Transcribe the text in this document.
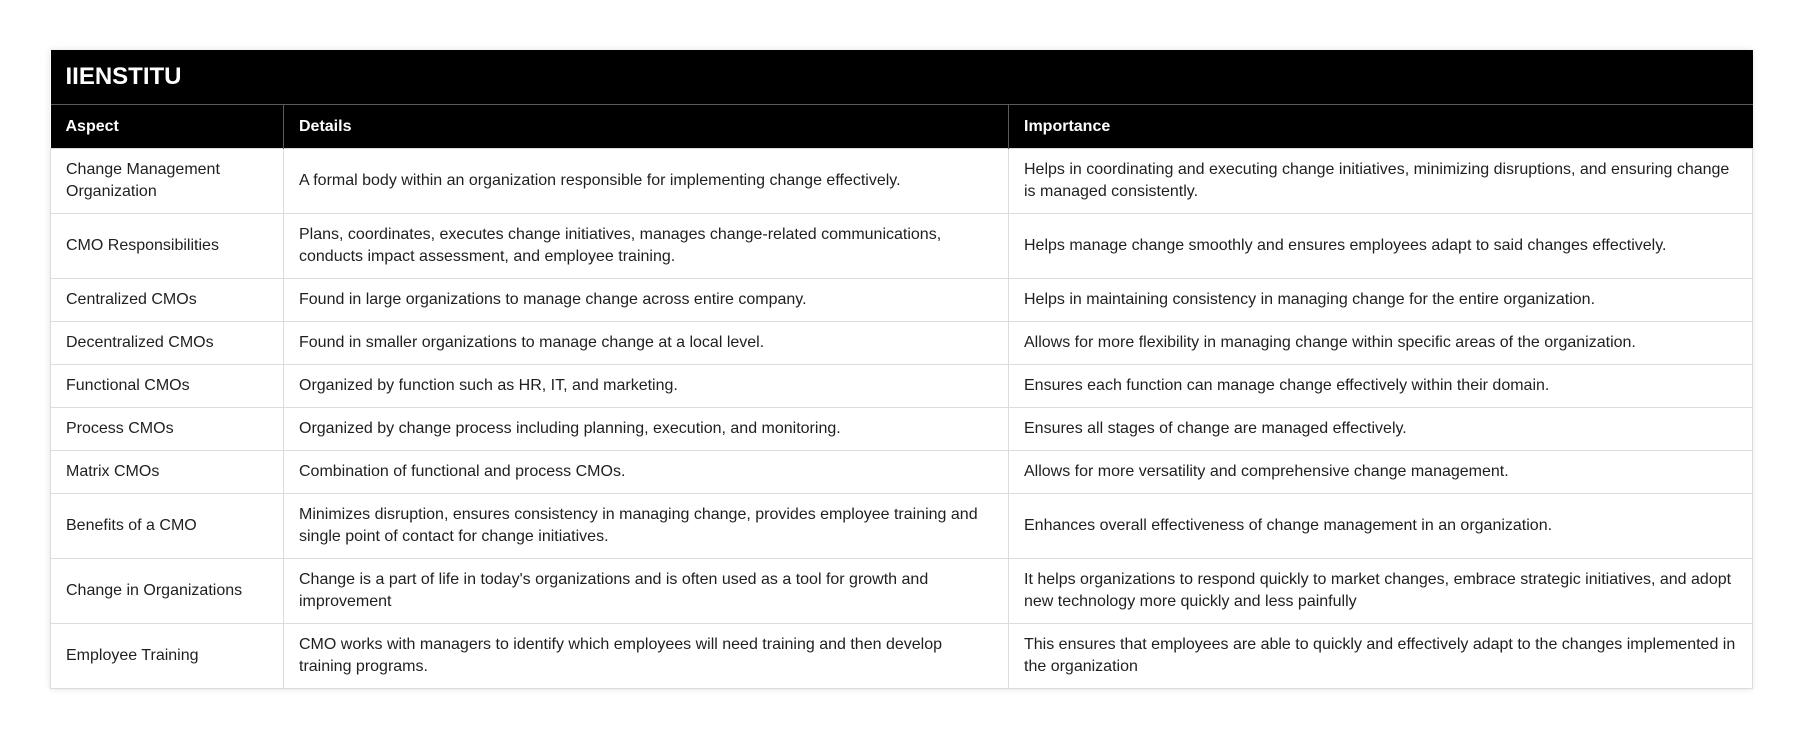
IIENSTITU		
Aspect	Details	Importance
Change Management Organization	A formal body within an organization responsible for implementing change effectively.	Helps in coordinating and executing change initiatives, minimizing disruptions, and ensuring change is managed consistently.
CMO Responsibilities	Plans, coordinates, executes change initiatives, manages change-related communications, conducts impact assessment, and employee training.	Helps manage change smoothly and ensures employees adapt to said changes effectively.
Centralized CMOs	Found in large organizations to manage change across entire company.	Helps in maintaining consistency in managing change for the entire organization.
Decentralized CMOs	Found in smaller organizations to manage change at a local level.	Allows for more flexibility in managing change within specific areas of the organization.
Functional CMOs	Organized by function such as HR, IT, and marketing.	Ensures each function can manage change effectively within their domain.
Process CMOs	Organized by change process including planning, execution, and monitoring.	Ensures all stages of change are managed effectively.
Matrix CMOs	Combination of functional and process CMOs.	Allows for more versatility and comprehensive change management.
Benefits of a CMO	Minimizes disruption, ensures consistency in managing change, provides employee training and single point of contact for change initiatives.	Enhances overall effectiveness of change management in an organization.
Change in Organizations	Change is a part of life in today's organizations and is often used as a tool for growth and improvement	It helps organizations to respond quickly to market changes, embrace strategic initiatives, and adopt new technology more quickly and less painfully
Employee Training	CMO works with managers to identify which employees will need training and then develop training programs.	This ensures that employees are able to quickly and effectively adapt to the changes implemented in the organization
